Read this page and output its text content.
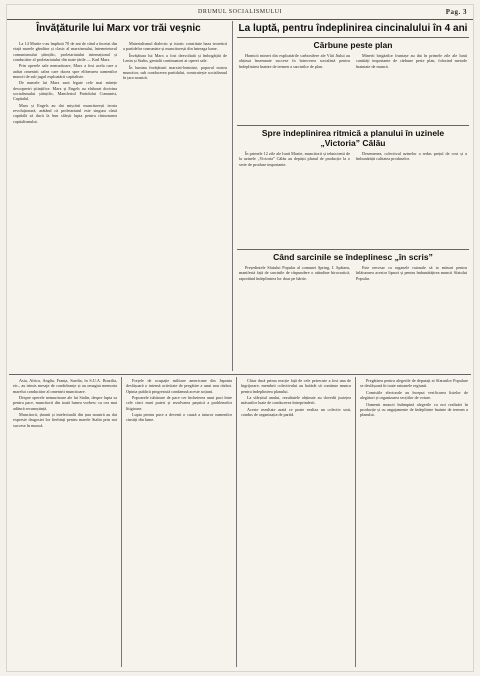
DRUMUL SOCIALISMULUI	Pag. 3
Învățăturile lui Marx vor trăi veșnic

La 14 Martie s-au împlinit 70 de ani de când a încetat din viață marele gânditor și clasic al marxismului, întemeietorul comunismului științific, proletariatului internațional și conducător al proletariatului din toate țările — Karl Marx.

Prin operele sale nemuritoare, Marx a fost acela care a arătat omenirii calea care ducea spre eliberarea oamenilor muncii de sub jugul exploatării capitaliste.

De numele lui Marx sunt legate cele mai mărețe descoperiri științifice. Marx și Engels au elaborat doctrina socialismului științific, Manifestul Partidului Comunist, Capitalul.

Marx și Engels au dat mișcării muncitorești teoria revoluționară, arătând că proletariatul este singura clasă capabilă să ducă la bun sfârșit lupta pentru răsturnarea capitalismului.

Materialismul dialectic și istoric constituie baza teoretică a partidelor comuniste și muncitorești din întreaga lume.

Învățătura lui Marx a fost dezvoltată și îmbogățită de Lenin și Stalin, genialii continuatori ai operei sale.

În lumina învățăturii marxist-leniniste, poporul nostru muncitor, sub conducerea partidului, construiește socialismul în țara noastră.

La luptă, pentru îndeplinirea cincinalului în 4 ani
Cărbune peste plan

Harnicii mineri din exploatările carbonifere ale Văii Jiului au obținut însemnate succese în întrecerea socialistă pentru îndeplinirea înainte de termen a sarcinilor de plan.

Minerii brigăzilor fruntașe au dat în primele zile ale lunii cantități importante de cărbune peste plan, folosind metode înaintate de muncă.

Spre îndeplinirea ritmică a planului în uzinele „Victoria” Călău

În primele 12 zile ale lunii Martie, muncitorii și tehnicienii de la uzinele „Victoria” Călău au depășit planul de producție la o serie de produse importante.

Desemenea, colectivul uzinelor a redus prețul de cost și a îmbunătățit calitatea produselor.

Când sarcinile se îndeplinesc „în scris”

Președintele Sfatului Popular al comunei Șpring, I. Spătaru, manifestă față de sarcinile de răspundere o atitudine birocratică, raportând îndeplinirea lor doar pe hârtie.

Este necesar ca organele raionale să ia măsuri pentru înlăturarea acestor lipsuri și pentru îmbunătățirea muncii Sfatului Popular.

Asia, Africa, Anglia, Franța, Suedia, în S.U.A. Brazilia, etc., au trimis mesaje de condoleanțe și au omagiat memoria marelui conducător al omenirii muncitoare.

Despre operele nemuritoare ale lui Stalin, despre lupta sa pentru pace, muncitorii din toată lumea vorbesc cu cea mai adâncă recunoștință.

Muncitorii, țăranii și intelectualii din țara noastră au dat expresie dragostei lor fierbinți pentru marele Stalin prin noi succese în muncă.

Forțele de ocupație militare americane din Japonia desfășoară o intensă activitate de pregătire a unui nou război. Opinia publică progresistă condamnă aceste acțiuni.

Popoarele iubitoare de pace cer încheierea unui pact între cele cinci mari puteri și rezolvarea pașnică a problemelor litigioase.

Lupta pentru pace a devenit o cauză a tuturor oamenilor cinstiți din lume.

Chiar dacă prima reacție față de cele petrecute a fost una de îngrijorare, membrii colectivului au hotărât să continue munca pentru îndeplinirea planului.

La sfârșitul anului, rezultatele obținute au dovedit justețea măsurilor luate de conducerea întreprinderii.

Aceste rezultate arată ce poate realiza un colectiv unit, condus de organizația de partid.

Pregătirea pentru alegerile de deputați ai Sfaturilor Populare se desfășoară în toate raioanele regiunii.

Comisiile electorale au început verificarea listelor de alegători și organizarea secțiilor de votare.

Oamenii muncii întâmpină alegerile cu noi realizări în producție și cu angajamente de îndeplinire înainte de termen a planului.
